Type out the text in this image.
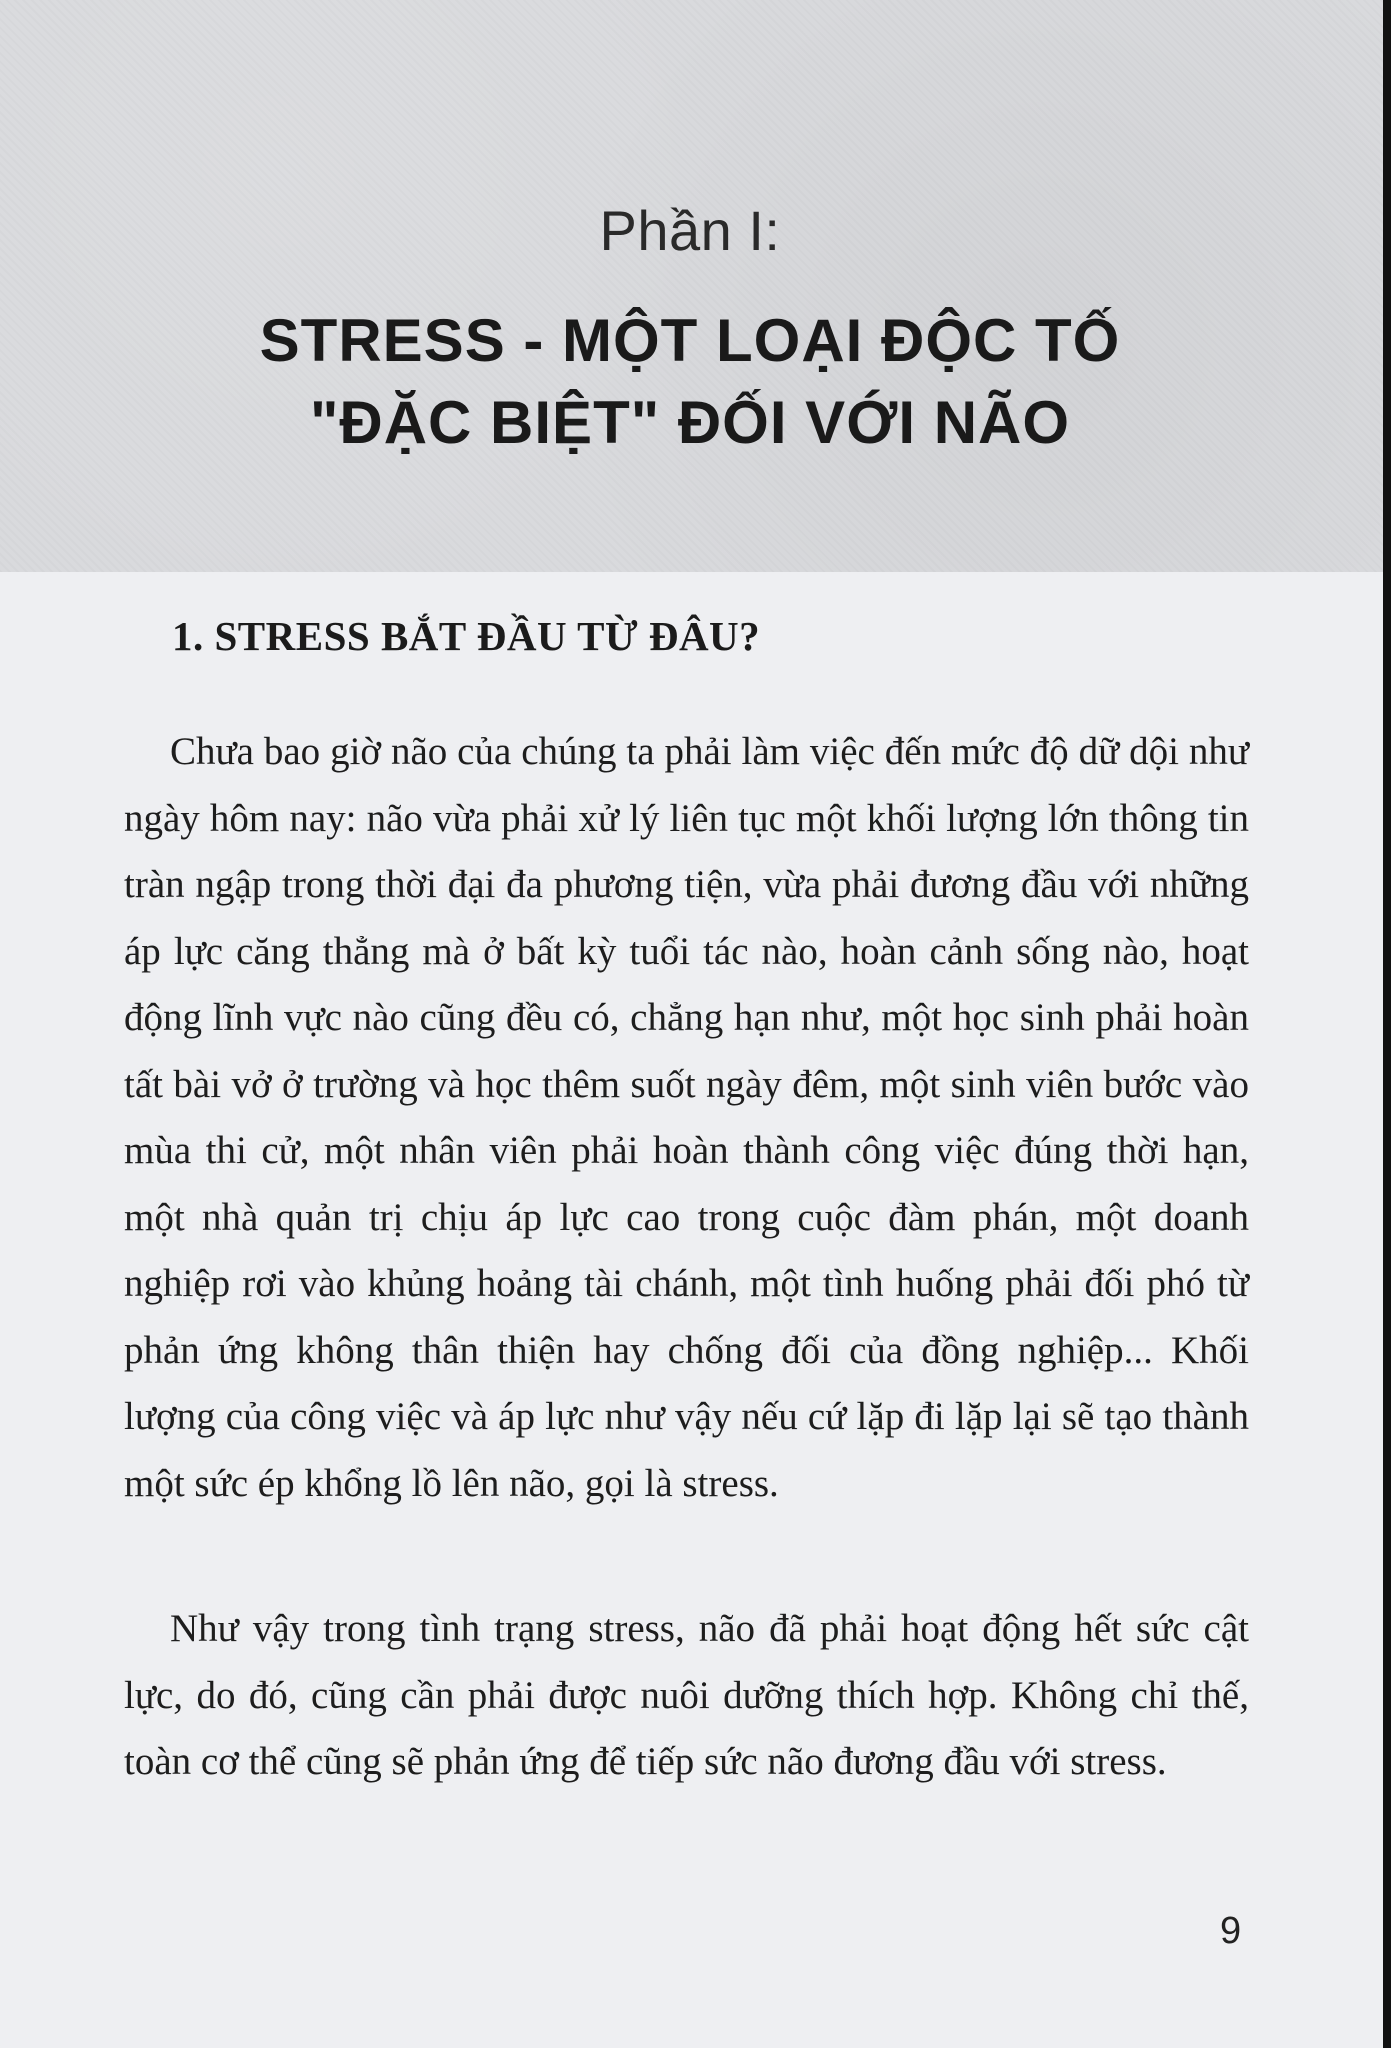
Phần I:
STRESS - MỘT LOẠI ĐỘC TỐ
"ĐẶC BIỆT" ĐỐI VỚI NÃO
1. STRESS BẮT ĐẦU TỪ ĐÂU?

Chưa bao giờ não của chúng ta phải làm việc đến mức độ dữ dội như ngày hôm nay: não vừa phải xử lý liên tục một khối lượng lớn thông tin tràn ngập trong thời đại đa phương tiện, vừa phải đương đầu với những áp lực căng thẳng mà ở bất kỳ tuổi tác nào, hoàn cảnh sống nào, hoạt động lĩnh vực nào cũng đều có, chẳng hạn như, một học sinh phải hoàn tất bài vở ở trường và học thêm suốt ngày đêm, một sinh viên bước vào mùa thi cử, một nhân viên phải hoàn thành công việc đúng thời hạn, một nhà quản trị chịu áp lực cao trong cuộc đàm phán, một doanh nghiệp rơi vào khủng hoảng tài chánh, một tình huống phải đối phó từ phản ứng không thân thiện hay chống đối của đồng nghiệp... Khối lượng của công việc và áp lực như vậy nếu cứ lặp đi lặp lại sẽ tạo thành một sức ép khổng lồ lên não, gọi là stress.

Như vậy trong tình trạng stress, não đã phải hoạt động hết sức cật lực, do đó, cũng cần phải được nuôi dưỡng thích hợp. Không chỉ thế, toàn cơ thể cũng sẽ phản ứng để tiếp sức não đương đầu với stress.

9
